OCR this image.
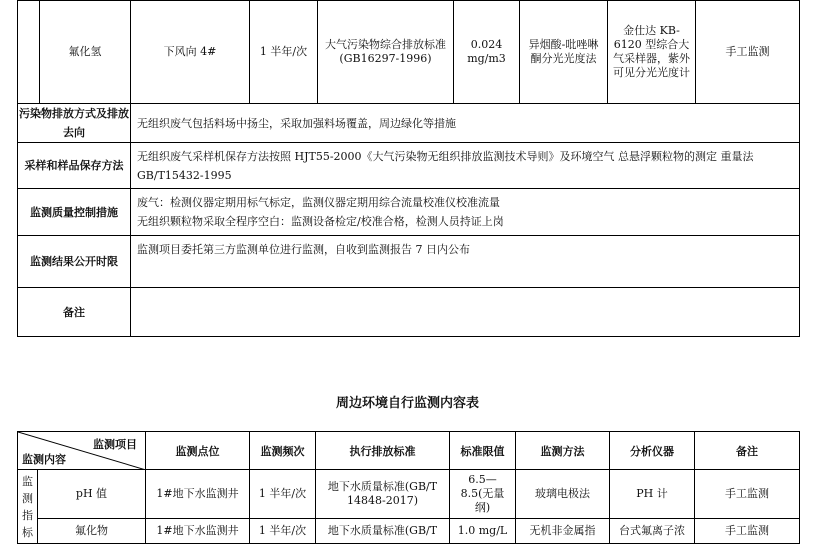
	氟化氢	下风向 4#	1 半年/次	大气污染物综合排放标准(GB16297-1996)	0.024 mg/m3	异烟酸-吡唑啉酮分光光度法	金仕达 KB-6120 型综合大气采样器，紫外可见分光光度计	手工监测
污染物排放方式及排放去向		无组织废气包括料场中扬尘，采取加强料场覆盖，周边绿化等措施						
采样和样品保存方法		无组织废气采样机保存方法按照 HJT55-2000《大气污染物无组织排放监测技术导则》及环境空气 总悬浮颗粒物的测定 重量法 GB/T15432-1995						
监测质量控制措施		废气：检测仪器定期用标气标定，监测仪器定期用综合流量校准仪校准流量
无组织颗粒物采取全程序空白：监测设备检定/校准合格，检测人员持证上岗						

监测结果公开时限		监测项目委托第三方监测单位进行监测，自收到监测报告 7 日内公布						
备注								
周边环境自行监测内容表
监测项目
监测内容		监测点位	监测频次	执行排放标准	标准限值	监测方法	分析仪器	备注

监
测
指
标	pH 值	1#地下水监测井	1 半年/次	地下水质量标准(GB/T 14848-2017)	6.5—8.5(无量纲)	玻璃电极法	PH 计	手工监测
	氟化物	1#地下水监测井	1 半年/次	地下水质量标准(GB/T	1.0 mg/L	无机非金属指	台式氟离子浓	手工监测
